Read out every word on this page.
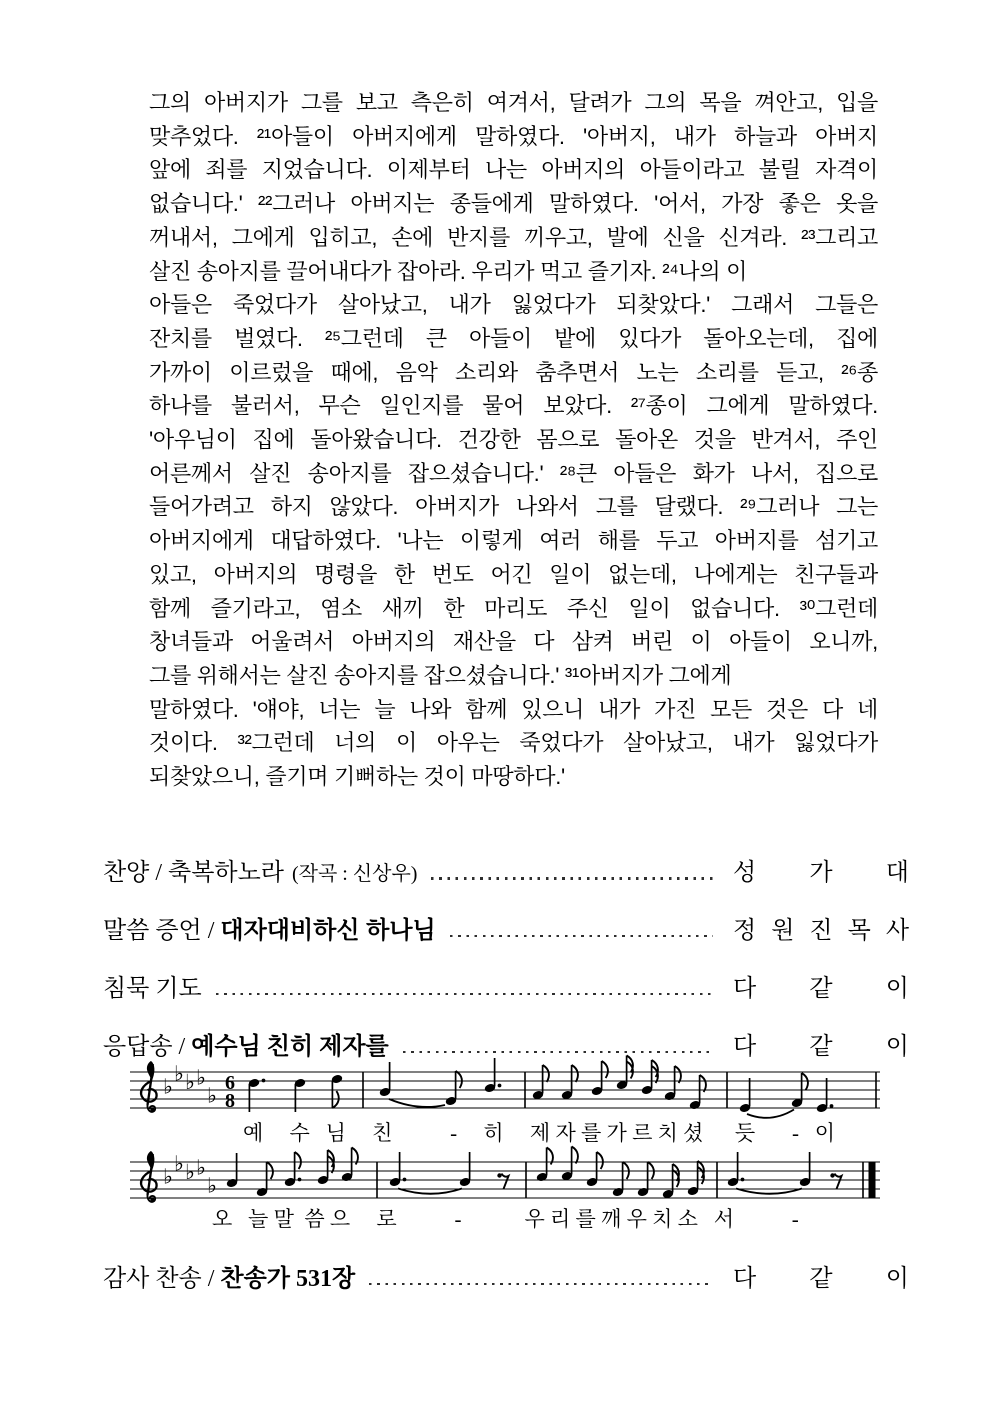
그의 아버지가 그를 보고 측은히 여겨서, 달려가 그의 목을 껴안고, 입을
맞추었다. ²¹아들이 아버지에게 말하였다. '아버지, 내가 하늘과 아버지
앞에 죄를 지었습니다. 이제부터 나는 아버지의 아들이라고 불릴 자격이
없습니다.' ²²그러나 아버지는 종들에게 말하였다. '어서, 가장 좋은 옷을
꺼내서, 그에게 입히고, 손에 반지를 끼우고, 발에 신을 신겨라. ²³그리고
살진 송아지를 끌어내다가 잡아라. 우리가 먹고 즐기자. ²⁴나의 이
아들은 죽었다가 살아났고, 내가 잃었다가 되찾았다.' 그래서 그들은
잔치를 벌였다. ²⁵그런데 큰 아들이 밭에 있다가 돌아오는데, 집에
가까이 이르렀을 때에, 음악 소리와 춤추면서 노는 소리를 듣고, ²⁶종
하나를 불러서, 무슨 일인지를 물어 보았다. ²⁷종이 그에게 말하였다.
'아우님이 집에 돌아왔습니다. 건강한 몸으로 돌아온 것을 반겨서, 주인
어른께서 살진 송아지를 잡으셨습니다.' ²⁸큰 아들은 화가 나서, 집으로
들어가려고 하지 않았다. 아버지가 나와서 그를 달랬다. ²⁹그러나 그는
아버지에게 대답하였다. '나는 이렇게 여러 해를 두고 아버지를 섬기고
있고, 아버지의 명령을 한 번도 어긴 일이 없는데, 나에게는 친구들과
함께 즐기라고, 염소 새끼 한 마리도 주신 일이 없습니다. ³⁰그런데
창녀들과 어울려서 아버지의 재산을 다 삼켜 버린 이 아들이 오니까,
그를 위해서는 살진 송아지를 잡으셨습니다.' ³¹아버지가 그에게
말하였다. '얘야, 너는 늘 나와 함께 있으니 내가 가진 모든 것은 다 네
것이다. ³²그런데 너의 이 아우는 죽었다가 살아났고, 내가 잃었다가
되찾았으니, 즐기며 기뻐하는 것이 마땅하다.'
찬양 / 축복하노라 (작곡 : 신상우)	성 가 대
말씀 증언 / 대자대비하신 하나님	정 원 진 목 사
침묵 기도	다 같 이
응답송 / 예수님 친히 제자를	다 같 이
♭
♭ ♭ ♭
♭
6
8
예     수   님     친           -     히     제 자 를 가 르 치 셨      듯       -   이
♭
♭ ♭ ♭
♭
오   늘 말  씀 으     로           -            우 리 를 깨 우 치 소   서           -
감사 찬송 / 찬송가 531장	다 같 이
